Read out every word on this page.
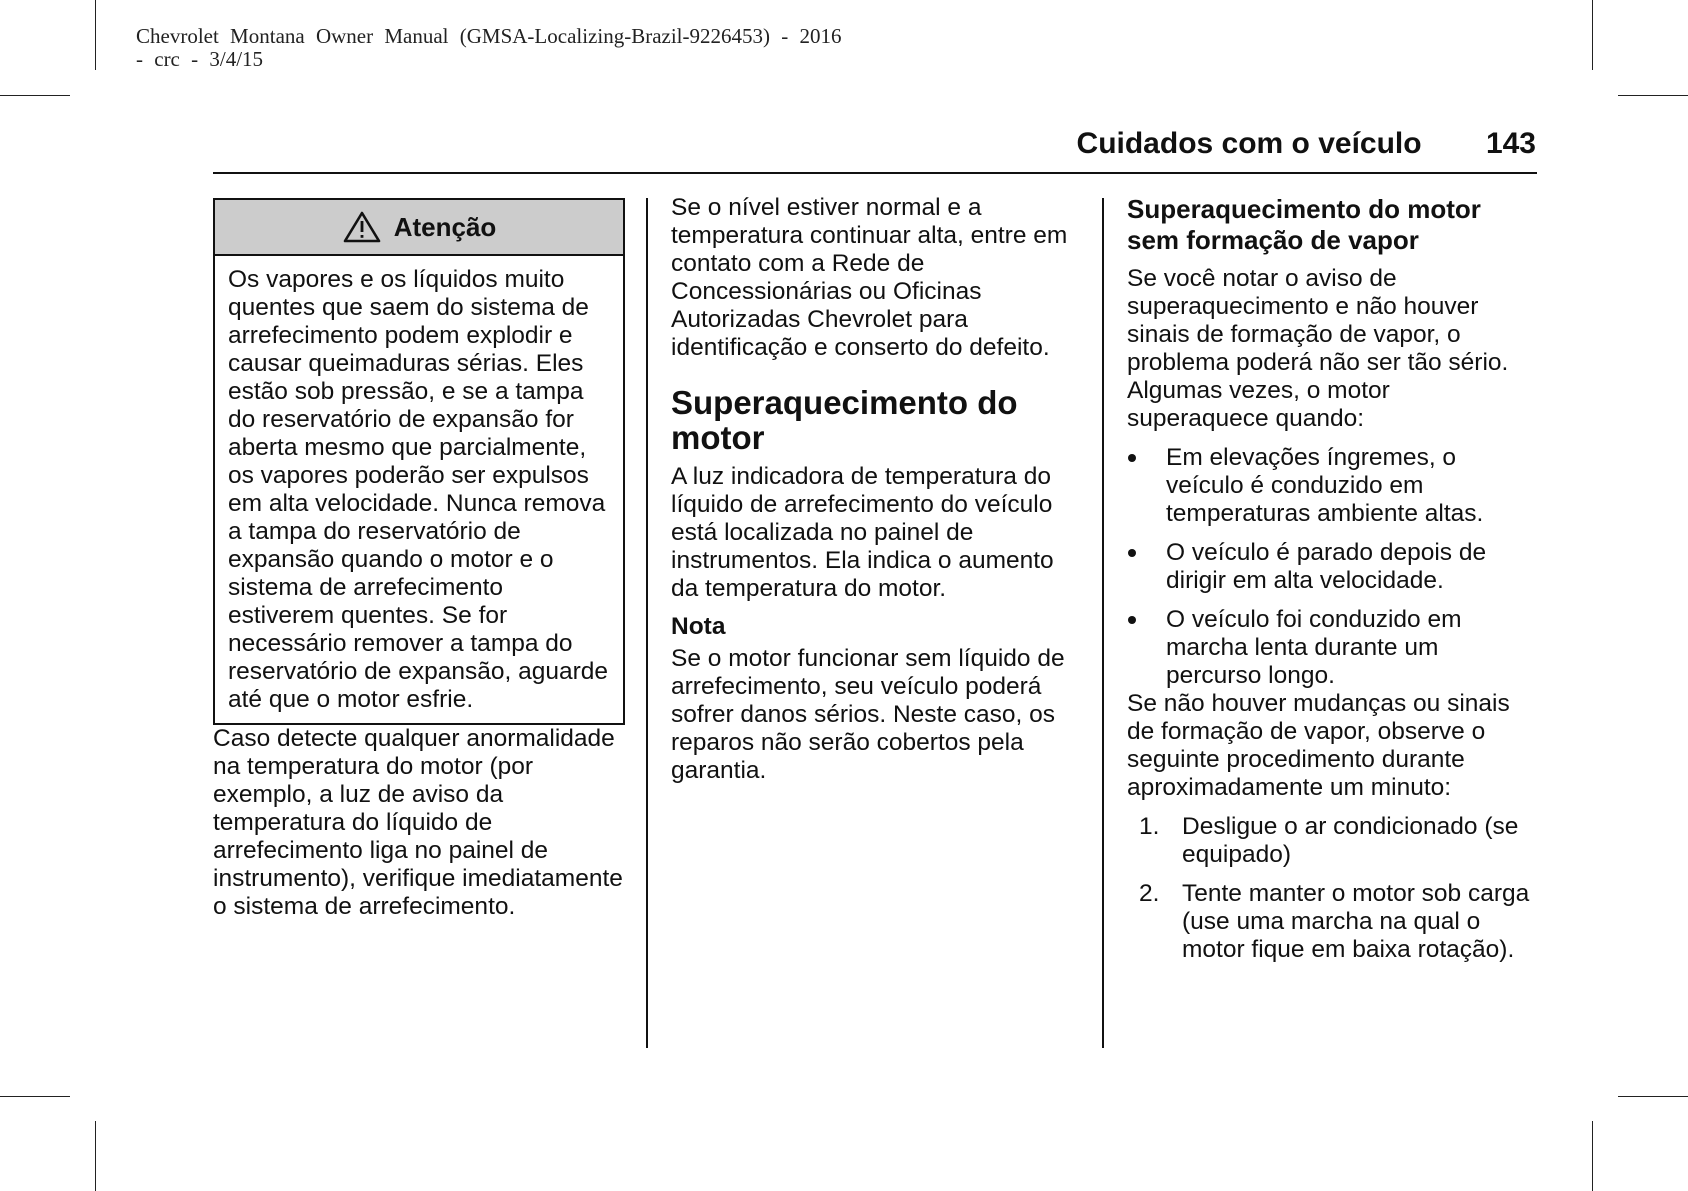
Chevrolet Montana Owner Manual (GMSA-Localizing-Brazil-9226453) - 2016 - crc - 3/4/15
Cuidados com o veículo 143
Atenção
Os vapores e os líquidos muito quentes que saem do sistema de arrefecimento podem explodir e causar queimaduras sérias. Eles estão sob pressão, e se a tampa do reservatório de expansão for aberta mesmo que parcialmente, os vapores poderão ser expulsos em alta velocidade. Nunca remova a tampa do reservatório de expansão quando o motor e o sistema de arrefecimento estiverem quentes. Se for necessário remover a tampa do reservatório de expansão, aguarde até que o motor esfrie.

Caso detecte qualquer anormalidade na temperatura do motor (por exemplo, a luz de aviso da temperatura do líquido de arrefecimento liga no painel de instrumento), verifique imediatamente o sistema de arrefecimento.

Se o nível estiver normal e a temperatura continuar alta, entre em contato com a Rede de Concessionárias ou Oficinas Autorizadas Chevrolet para identificação e conserto do defeito.

Superaquecimento do motor

A luz indicadora de temperatura do líquido de arrefecimento do veículo está localizada no painel de instrumentos. Ela indica o aumento da temperatura do motor.

Nota

Se o motor funcionar sem líquido de arrefecimento, seu veículo poderá sofrer danos sérios. Neste caso, os reparos não serão cobertos pela garantia.

Superaquecimento do motor sem formação de vapor

Se você notar o aviso de superaquecimento e não houver sinais de formação de vapor, o problema poderá não ser tão sério. Algumas vezes, o motor superaquece quando:

Em elevações íngremes, o veículo é conduzido em temperaturas ambiente altas.
O veículo é parado depois de dirigir em alta velocidade.
O veículo foi conduzido em marcha lenta durante um percurso longo.

Se não houver mudanças ou sinais de formação de vapor, observe o seguinte procedimento durante aproximadamente um minuto:

1. Desligue o ar condicionado (se equipado)
2. Tente manter o motor sob carga (use uma marcha na qual o motor fique em baixa rotação).
